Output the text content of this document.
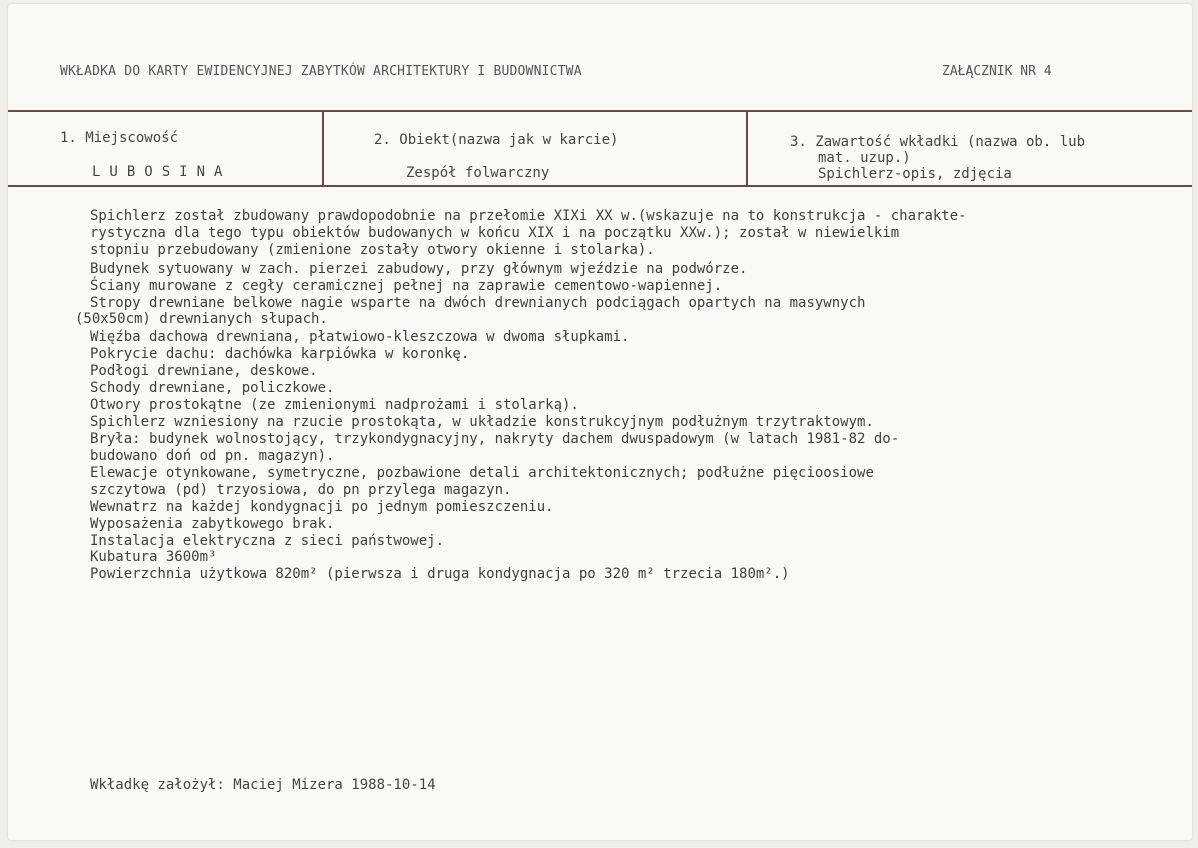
WKŁADKA DO KARTY EWIDENCYJNEJ ZABYTKÓW ARCHITEKTURY I BUDOWNICTWA	ZAŁĄCZNIK NR 4
1. Miejscowość
LUBOSINA
2. Obiekt(nazwa jak w karcie)
Zespół folwarczny
3. Zawartość wkładki (nazwa ob. lub
mat. uzup.)
Spichlerz-opis, zdjęcia
Spichlerz został zbudowany prawdopodobnie na przełomie XIXi XX w.(wskazuje na to konstrukcja - charakte-
rystyczna dla tego typu obiektów budowanych w końcu XIX i na początku XXw.); został w niewielkim
stopniu przebudowany (zmienione zostały otwory okienne i stolarka).
Budynek sytuowany w zach. pierzei zabudowy, przy głównym wjeździe na podwórze.
Ściany murowane z cegły ceramicznej pełnej na zaprawie cementowo-wapiennej.
Stropy drewniane belkowe nagie wsparte na dwóch drewnianych podciągach opartych na masywnych
(50x50cm) drewnianych słupach.
Więźba dachowa drewniana, płatwiowo-kleszczowa w dwoma słupkami.
Pokrycie dachu: dachówka karpiówka w koronkę.
Podłogi drewniane, deskowe.
Schody drewniane, policzkowe.
Otwory prostokątne (ze zmienionymi nadprożami i stolarką).
Spichlerz wzniesiony na rzucie prostokąta, w układzie konstrukcyjnym podłużnym trzytraktowym.
Bryła: budynek wolnostojący, trzykondygnacyjny, nakryty dachem dwuspadowym (w latach 1981-82 do-
budowano doń od pn. magazyn).
Elewacje otynkowane, symetryczne, pozbawione detali architektonicznych; podłużne pięcioosiowe
szczytowa (pd) trzyosiowa, do pn przylega magazyn.
Wewnatrz na każdej kondygnacji po jednym pomieszczeniu.
Wyposażenia zabytkowego brak.
Instalacja elektryczna z sieci państwowej.
Kubatura 3600m³
Powierzchnia użytkowa 820m² (pierwsza i druga kondygnacja po 320 m² trzecia 180m².)
Wkładkę założył: Maciej Mizera 1988-10-14
